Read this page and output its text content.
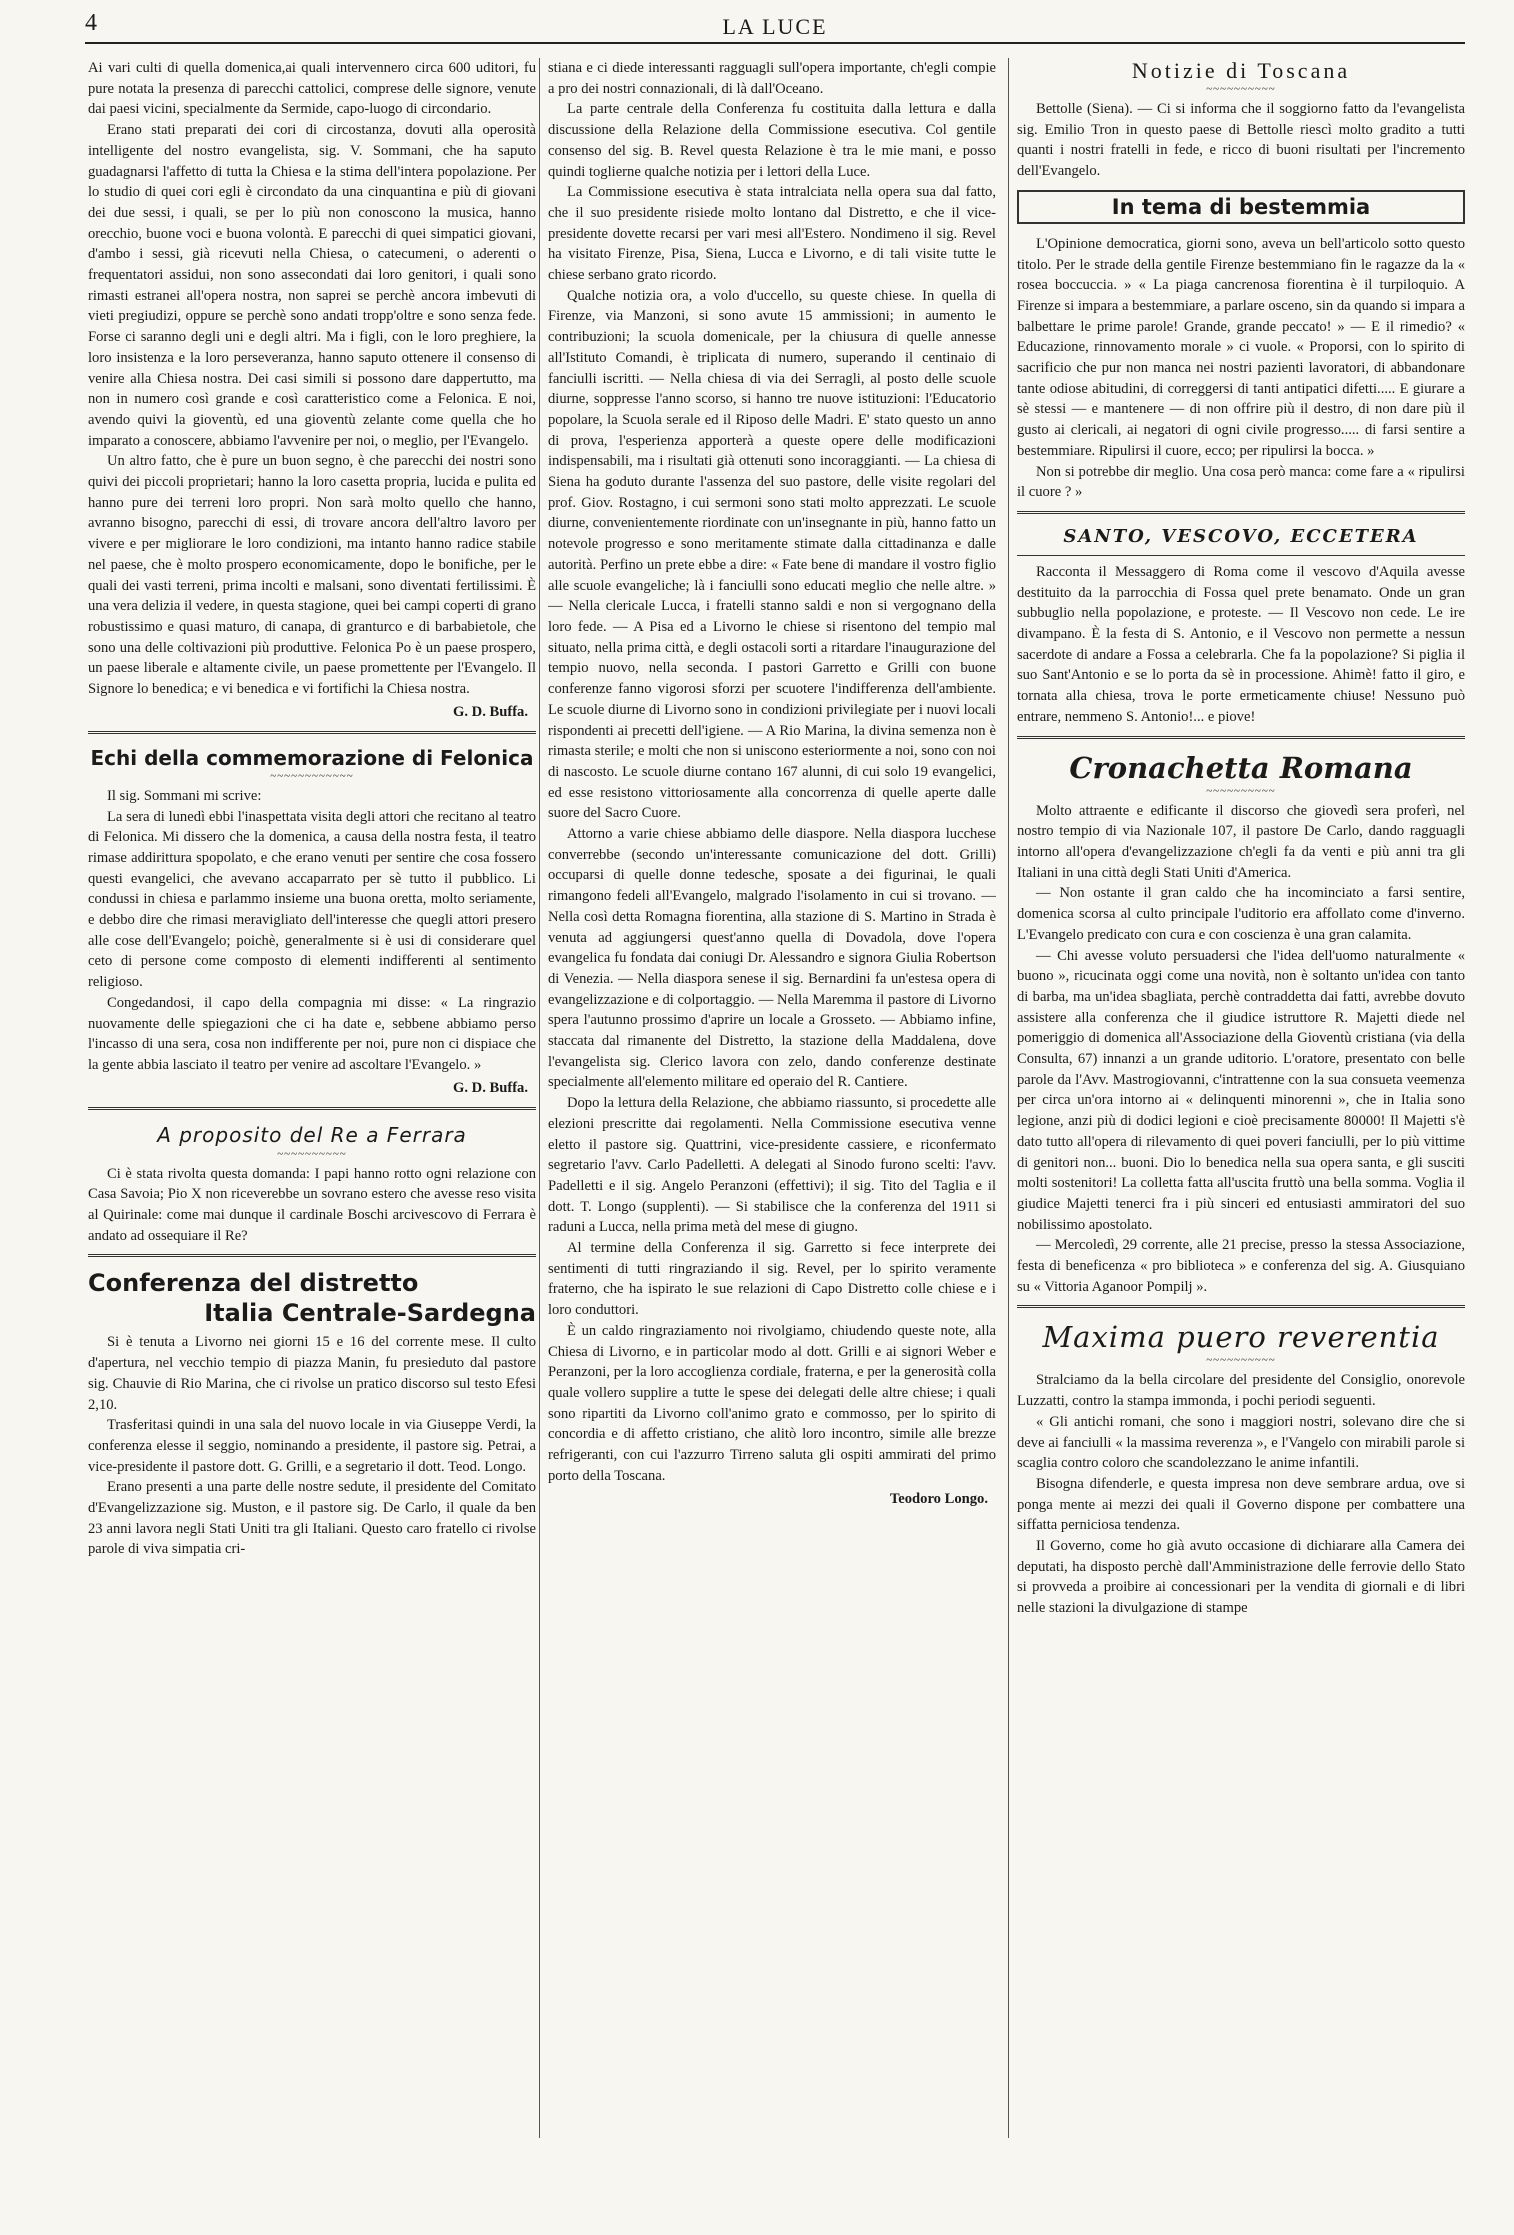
4	LA LUCE

Ai vari culti di quella domenica,ai quali intervennero circa 600 uditori, fu pure notata la presenza di parecchi cattolici, comprese delle signore, venute dai paesi vicini, specialmente da Sermide, capo-luogo di circondario.

Erano stati preparati dei cori di circostanza, dovuti alla operosità intelligente del nostro evangelista, sig. V. Sommani, che ha saputo guadagnarsi l'affetto di tutta la Chiesa e la stima dell'intera popolazione. Per lo studio di quei cori egli è circondato da una cinquantina e più di giovani dei due sessi, i quali, se per lo più non conoscono la musica, hanno orecchio, buone voci e buona volontà. E parecchi di quei simpatici giovani, d'ambo i sessi, già ricevuti nella Chiesa, o catecumeni, o aderenti o frequentatori assidui, non sono assecondati dai loro genitori, i quali sono rimasti estranei all'opera nostra, non saprei se perchè ancora imbevuti di vieti pregiudizi, oppure se perchè sono andati tropp'oltre e sono senza fede. Forse ci saranno degli uni e degli altri. Ma i figli, con le loro preghiere, la loro insistenza e la loro perseveranza, hanno saputo ottenere il consenso di venire alla Chiesa nostra. Dei casi simili si possono dare dappertutto, ma non in numero così grande e così caratteristico come a Felonica. E noi, avendo quivi la gioventù, ed una gioventù zelante come quella che ho imparato a conoscere, abbiamo l'avvenire per noi, o meglio, per l'Evangelo.

Un altro fatto, che è pure un buon segno, è che parecchi dei nostri sono quivi dei piccoli proprietari; hanno la loro casetta propria, lucida e pulita ed hanno pure dei terreni loro propri. Non sarà molto quello che hanno, avranno bisogno, parecchi di essi, di trovare ancora dell'altro lavoro per vivere e per migliorare le loro condizioni, ma intanto hanno radice stabile nel paese, che è molto prospero economicamente, dopo le bonifiche, per le quali dei vasti terreni, prima incolti e malsani, sono diventati fertilissimi. È una vera delizia il vedere, in questa stagione, quei bei campi coperti di grano robustissimo e quasi maturo, di canapa, di granturco e di barbabietole, che sono una delle coltivazioni più produttive. Felonica Po è un paese prospero, un paese liberale e altamente civile, un paese promettente per l'Evangelo. Il Signore lo benedica; e vi benedica e vi fortifichi la Chiesa nostra.

G. D. Buffa.
Echi della commemorazione di Felonica
~~~~~~~~~~~~

Il sig. Sommani mi scrive:

La sera di lunedì ebbi l'inaspettata visita degli attori che recitano al teatro di Felonica. Mi dissero che la domenica, a causa della nostra festa, il teatro rimase addirittura spopolato, e che erano venuti per sentire che cosa fossero questi evangelici, che avevano accaparrato per sè tutto il pubblico. Li condussi in chiesa e parlammo insieme una buona oretta, molto seriamente, e debbo dire che rimasi meravigliato dell'interesse che quegli attori presero alle cose dell'Evangelo; poichè, generalmente si è usi di considerare quel ceto di persone come composto di elementi indifferenti al sentimento religioso.

Congedandosi, il capo della compagnia mi disse: « La ringrazio nuovamente delle spiegazioni che ci ha date e, sebbene abbiamo perso l'incasso di una sera, cosa non indifferente per noi, pure non ci dispiace che la gente abbia lasciato il teatro per venire ad ascoltare l'Evangelo. »

G. D. Buffa.
A proposito del Re a Ferrara
~~~~~~~~~~

Ci è stata rivolta questa domanda: I papi hanno rotto ogni relazione con Casa Savoia; Pio X non riceverebbe un sovrano estero che avesse reso visita al Quirinale: come mai dunque il cardinale Boschi arcivescovo di Ferrara è andato ad ossequiare il Re?

Conferenza del distretto
Italia Centrale-Sardegna

Si è tenuta a Livorno nei giorni 15 e 16 del corrente mese. Il culto d'apertura, nel vecchio tempio di piazza Manin, fu presieduto dal pastore sig. Chauvie di Rio Marina, che ci rivolse un pratico discorso sul testo Efesi 2,10.

Trasferitasi quindi in una sala del nuovo locale in via Giuseppe Verdi, la conferenza elesse il seggio, nominando a presidente, il pastore sig. Petrai, a vice-presidente il pastore dott. G. Grilli, e a segretario il dott. Teod. Longo.

Erano presenti a una parte delle nostre sedute, il presidente del Comitato d'Evangelizzazione sig. Muston, e il pastore sig. De Carlo, il quale da ben 23 anni lavora negli Stati Uniti tra gli Italiani. Questo caro fratello ci rivolse parole di viva simpatia cri-

stiana e ci diede interessanti ragguagli sull'opera importante, ch'egli compie a pro dei nostri connazionali, di là dall'Oceano.

La parte centrale della Conferenza fu costituita dalla lettura e dalla discussione della Relazione della Commissione esecutiva. Col gentile consenso del sig. B. Revel questa Relazione è tra le mie mani, e posso quindi toglierne qualche notizia per i lettori della Luce.

La Commissione esecutiva è stata intralciata nella opera sua dal fatto, che il suo presidente risiede molto lontano dal Distretto, e che il vice-presidente dovette recarsi per vari mesi all'Estero. Nondimeno il sig. Revel ha visitato Firenze, Pisa, Siena, Lucca e Livorno, e di tali visite tutte le chiese serbano grato ricordo.

Qualche notizia ora, a volo d'uccello, su queste chiese. In quella di Firenze, via Manzoni, si sono avute 15 ammissioni; in aumento le contribuzioni; la scuola domenicale, per la chiusura di quelle annesse all'Istituto Comandi, è triplicata di numero, superando il centinaio di fanciulli iscritti. — Nella chiesa di via dei Serragli, al posto delle scuole diurne, soppresse l'anno scorso, si hanno tre nuove istituzioni: l'Educatorio popolare, la Scuola serale ed il Riposo delle Madri. E' stato questo un anno di prova, l'esperienza apporterà a queste opere delle modificazioni indispensabili, ma i risultati già ottenuti sono incoraggianti. — La chiesa di Siena ha goduto durante l'assenza del suo pastore, delle visite regolari del prof. Giov. Rostagno, i cui sermoni sono stati molto apprezzati. Le scuole diurne, convenientemente riordinate con un'insegnante in più, hanno fatto un notevole progresso e sono meritamente stimate dalla cittadinanza e dalle autorità. Perfino un prete ebbe a dire: « Fate bene di mandare il vostro figlio alle scuole evangeliche; là i fanciulli sono educati meglio che nelle altre. » — Nella clericale Lucca, i fratelli stanno saldi e non si vergognano della loro fede. — A Pisa ed a Livorno le chiese si risentono del tempio mal situato, nella prima città, e degli ostacoli sorti a ritardare l'inaugurazione del tempio nuovo, nella seconda. I pastori Garretto e Grilli con buone conferenze fanno vigorosi sforzi per scuotere l'indifferenza dell'ambiente. Le scuole diurne di Livorno sono in condizioni privilegiate per i nuovi locali rispondenti ai precetti dell'igiene. — A Rio Marina, la divina semenza non è rimasta sterile; e molti che non si uniscono esteriormente a noi, sono con noi di nascosto. Le scuole diurne contano 167 alunni, di cui solo 19 evangelici, ed esse resistono vittoriosamente alla concorrenza di quelle aperte dalle suore del Sacro Cuore.

Attorno a varie chiese abbiamo delle diaspore. Nella diaspora lucchese converrebbe (secondo un'interessante comunicazione del dott. Grilli) occuparsi di quelle donne tedesche, sposate a dei figurinai, le quali rimangono fedeli all'Evangelo, malgrado l'isolamento in cui si trovano. — Nella così detta Romagna fiorentina, alla stazione di S. Martino in Strada è venuta ad aggiungersi quest'anno quella di Dovadola, dove l'opera evangelica fu fondata dai coniugi Dr. Alessandro e signora Giulia Robertson di Venezia. — Nella diaspora senese il sig. Bernardini fa un'estesa opera di evangelizzazione e di colportaggio. — Nella Maremma il pastore di Livorno spera l'autunno prossimo d'aprire un locale a Grosseto. — Abbiamo infine, staccata dal rimanente del Distretto, la stazione della Maddalena, dove l'evangelista sig. Clerico lavora con zelo, dando conferenze destinate specialmente all'elemento militare ed operaio del R. Cantiere.

Dopo la lettura della Relazione, che abbiamo riassunto, si procedette alle elezioni prescritte dai regolamenti. Nella Commissione esecutiva venne eletto il pastore sig. Quattrini, vice-presidente cassiere, e riconfermato segretario l'avv. Carlo Padelletti. A delegati al Sinodo furono scelti: l'avv. Padelletti e il sig. Angelo Peranzoni (effettivi); il sig. Tito del Taglia e il dott. T. Longo (supplenti). — Si stabilisce che la conferenza del 1911 si raduni a Lucca, nella prima metà del mese di giugno.

Al termine della Conferenza il sig. Garretto si fece interprete dei sentimenti di tutti ringraziando il sig. Revel, per lo spirito veramente fraterno, che ha ispirato le sue relazioni di Capo Distretto colle chiese e i loro conduttori.

È un caldo ringraziamento noi rivolgiamo, chiudendo queste note, alla Chiesa di Livorno, e in particolar modo al dott. Grilli e ai signori Weber e Peranzoni, per la loro accoglienza cordiale, fraterna, e per la generosità colla quale vollero supplire a tutte le spese dei delegati delle altre chiese; i quali sono ripartiti da Livorno coll'animo grato e commosso, per lo spirito di concordia e di affetto cristiano, che alitò loro incontro, simile alle brezze refrigeranti, con cui l'azzurro Tirreno saluta gli ospiti ammirati del primo porto della Toscana.

Teodoro Longo.
Notizie di Toscana
~~~~~~~~~~

Bettolle (Siena). — Ci si informa che il soggiorno fatto da l'evangelista sig. Emilio Tron in questo paese di Bettolle riescì molto gradito a tutti quanti i nostri fratelli in fede, e ricco di buoni risultati per l'incremento dell'Evangelo.

In tema di bestemmia

L'Opinione democratica, giorni sono, aveva un bell'articolo sotto questo titolo. Per le strade della gentile Firenze bestemmiano fin le ragazze da la « rosea boccuccia. » « La piaga cancrenosa fiorentina è il turpiloquio. A Firenze si impara a bestemmiare, a parlare osceno, sin da quando si impara a balbettare le prime parole! Grande, grande peccato! » — E il rimedio? « Educazione, rinnovamento morale » ci vuole. « Proporsi, con lo spirito di sacrificio che pur non manca nei nostri pazienti lavoratori, di abbandonare tante odiose abitudini, di correggersi di tanti antipatici difetti..... E giurare a sè stessi — e mantenere — di non offrire più il destro, di non dare più il gusto ai clericali, ai negatori di ogni civile progresso..... di farsi sentire a bestemmiare. Ripulirsi il cuore, ecco; per ripulirsi la bocca. »

Non si potrebbe dir meglio. Una cosa però manca: come fare a « ripulirsi il cuore ? »

SANTO, VESCOVO, ECCETERA

Racconta il Messaggero di Roma come il vescovo d'Aquila avesse destituito da la parrocchia di Fossa quel prete benamato. Onde un gran subbuglio nella popolazione, e proteste. — Il Vescovo non cede. Le ire divampano. È la festa di S. Antonio, e il Vescovo non permette a nessun sacerdote di andare a Fossa a celebrarla. Che fa la popolazione? Si piglia il suo Sant'Antonio e se lo porta da sè in processione. Ahimè! fatto il giro, e tornata alla chiesa, trova le porte ermeticamente chiuse! Nessuno può entrare, nemmeno S. Antonio!... e piove!

Cronachetta Romana
~~~~~~~~~~

Molto attraente e edificante il discorso che giovedì sera proferì, nel nostro tempio di via Nazionale 107, il pastore De Carlo, dando ragguagli intorno all'opera d'evangelizzazione ch'egli fa da venti e più anni tra gli Italiani in una città degli Stati Uniti d'America.

— Non ostante il gran caldo che ha incominciato a farsi sentire, domenica scorsa al culto principale l'uditorio era affollato come d'inverno. L'Evangelo predicato con cura e con coscienza è una gran calamita.

— Chi avesse voluto persuadersi che l'idea dell'uomo naturalmente « buono », ricucinata oggi come una novità, non è soltanto un'idea con tanto di barba, ma un'idea sbagliata, perchè contraddetta dai fatti, avrebbe dovuto assistere alla conferenza che il giudice istruttore R. Majetti diede nel pomeriggio di domenica all'Associazione della Gioventù cristiana (via della Consulta, 67) innanzi a un grande uditorio. L'oratore, presentato con belle parole da l'Avv. Mastrogiovanni, c'intrattenne con la sua consueta veemenza per circa un'ora intorno ai « delinquenti minorenni », che in Italia sono legione, anzi più di dodici legioni e cioè precisamente 80000! Il Majetti s'è dato tutto all'opera di rilevamento di quei poveri fanciulli, per lo più vittime di genitori non... buoni. Dio lo benedica nella sua opera santa, e gli susciti molti sostenitori! La colletta fatta all'uscita fruttò una bella somma. Voglia il giudice Majetti tenerci fra i più sinceri ed entusiasti ammiratori del suo nobilissimo apostolato.

— Mercoledì, 29 corrente, alle 21 precise, presso la stessa Associazione, festa di beneficenza « pro biblioteca » e conferenza del sig. A. Giusquiano su « Vittoria Aganoor Pompilj ».

Maxima puero reverentia
~~~~~~~~~~

Stralciamo da la bella circolare del presidente del Consiglio, onorevole Luzzatti, contro la stampa immonda, i pochi periodi seguenti.

« Gli antichi romani, che sono i maggiori nostri, solevano dire che si deve ai fanciulli « la massima reverenza », e l'Vangelo con mirabili parole si scaglia contro coloro che scandolezzano le anime infantili.

Bisogna difenderle, e questa impresa non deve sembrare ardua, ove si ponga mente ai mezzi dei quali il Governo dispone per combattere una siffatta perniciosa tendenza.

Il Governo, come ho già avuto occasione di dichiarare alla Camera dei deputati, ha disposto perchè dall'Amministrazione delle ferrovie dello Stato si provveda a proibire ai concessionari per la vendita di giornali e di libri nelle stazioni la divulgazione di stampe
